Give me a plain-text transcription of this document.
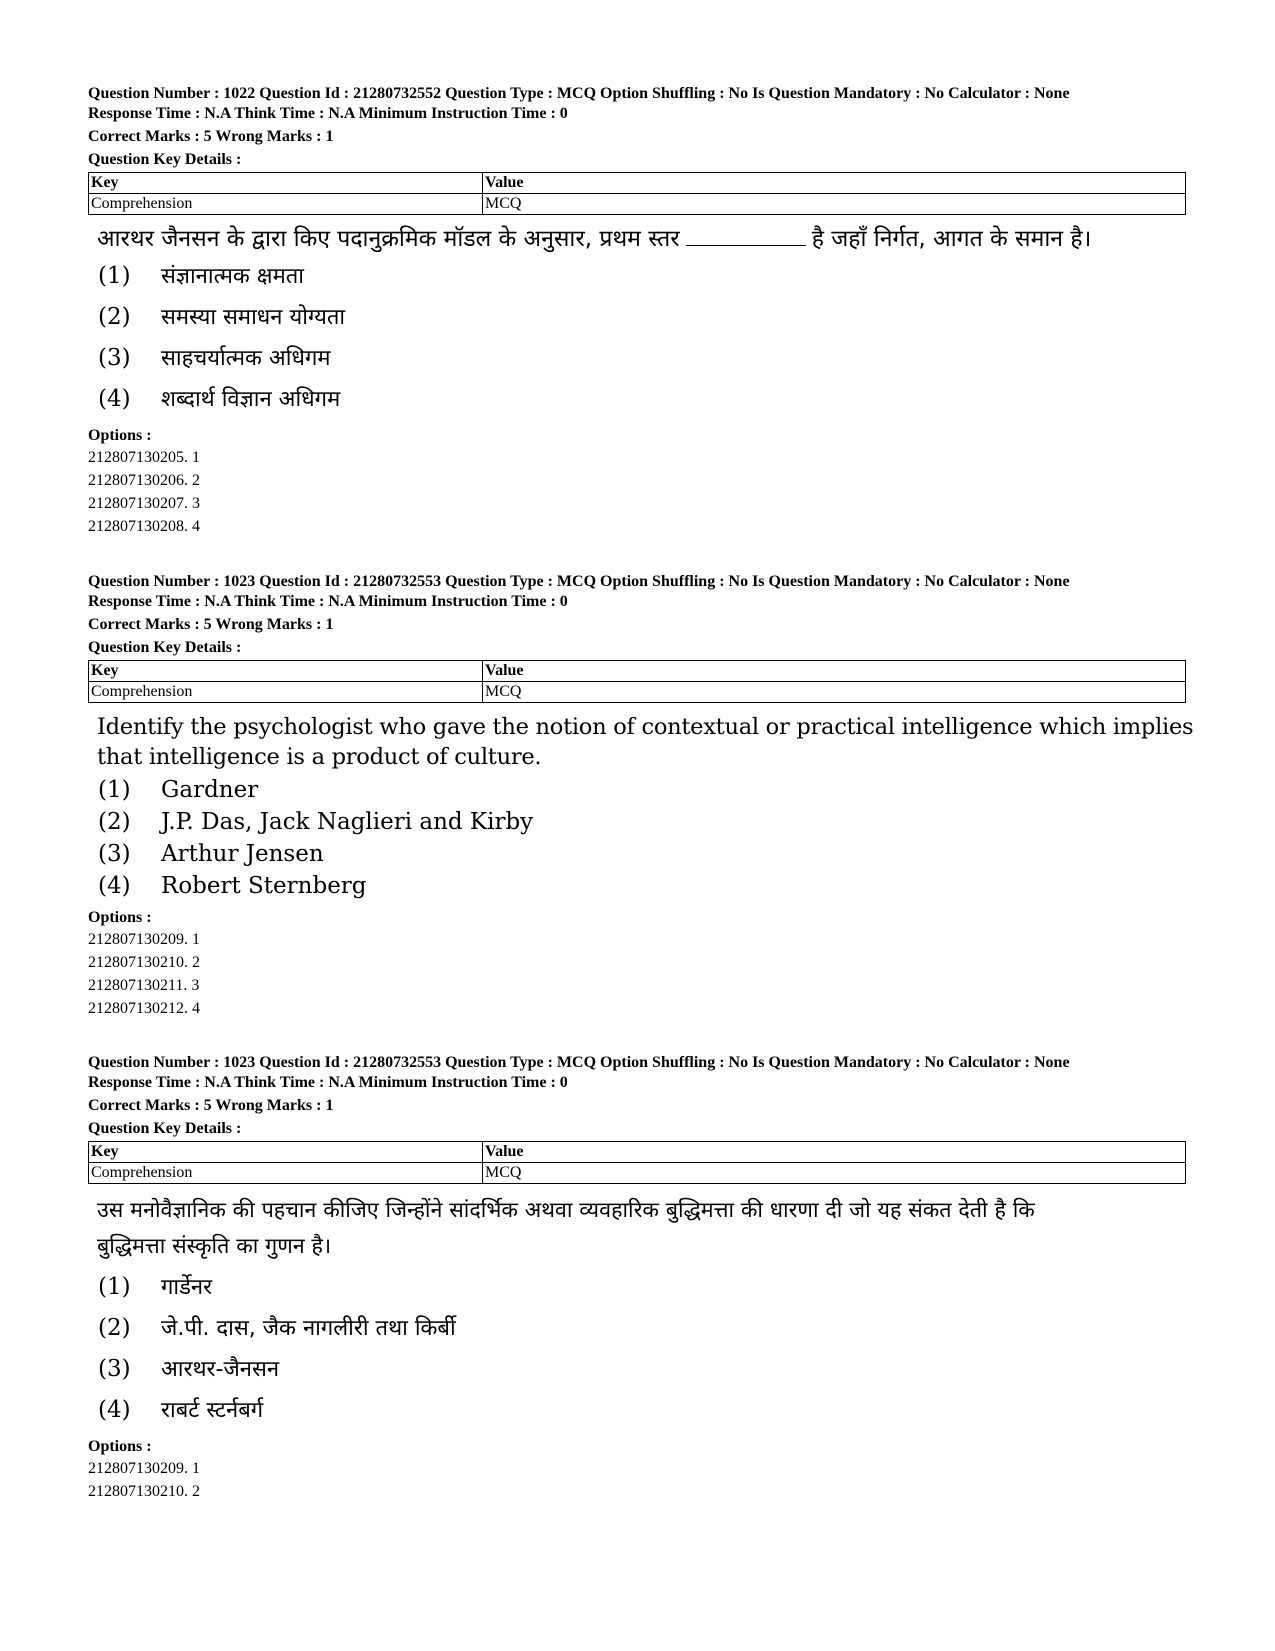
Question Number : 1022 Question Id : 21280732552 Question Type : MCQ Option Shuffling : No Is Question Mandatory : No Calculator : None
Response Time : N.A Think Time : N.A Minimum Instruction Time : 0
Correct Marks : 5 Wrong Marks : 1
Question Key Details :
Key	Value
Comprehension	MCQ
आरथर जैनसन के द्वारा किए पदानुक्रमिक मॉडल के अनुसार, प्रथम स्तर	है जहाँ निर्गत, आगत के समान है।
(1)	संज्ञानात्मक क्षमता
(2)	समस्या समाधन योग्यता
(3)	साहचर्यात्मक अधिगम
(4)	शब्दार्थ विज्ञान अधिगम
Options :
212807130205. 1
212807130206. 2
212807130207. 3
212807130208. 4
Question Number : 1023 Question Id : 21280732553 Question Type : MCQ Option Shuffling : No Is Question Mandatory : No Calculator : None
Response Time : N.A Think Time : N.A Minimum Instruction Time : 0
Correct Marks : 5 Wrong Marks : 1
Question Key Details :
Key	Value
Comprehension	MCQ
Identify the psychologist who gave the notion of contextual or practical intelligence which implies
that intelligence is a product of culture.
(1)	Gardner
(2)	J.P. Das, Jack Naglieri and Kirby
(3)	Arthur Jensen
(4)	Robert Sternberg
Options :
212807130209. 1
212807130210. 2
212807130211. 3
212807130212. 4
Question Number : 1023 Question Id : 21280732553 Question Type : MCQ Option Shuffling : No Is Question Mandatory : No Calculator : None
Response Time : N.A Think Time : N.A Minimum Instruction Time : 0
Correct Marks : 5 Wrong Marks : 1
Question Key Details :
Key	Value
Comprehension	MCQ
उस मनोवैज्ञानिक की पहचान कीजिए जिन्होंने सांदर्भिक अथवा व्यवहारिक बुद्धिमत्ता की धारणा दी जो यह संकत देती है कि
बुद्धिमत्ता संस्कृति का गुणन है।
(1)	गार्डेनर
(2)	जे.पी. दास, जैक नागलीरी तथा किर्बी
(3)	आरथर-जैनसन
(4)	राबर्ट स्टर्नबर्ग
Options :
212807130209. 1
212807130210. 2
